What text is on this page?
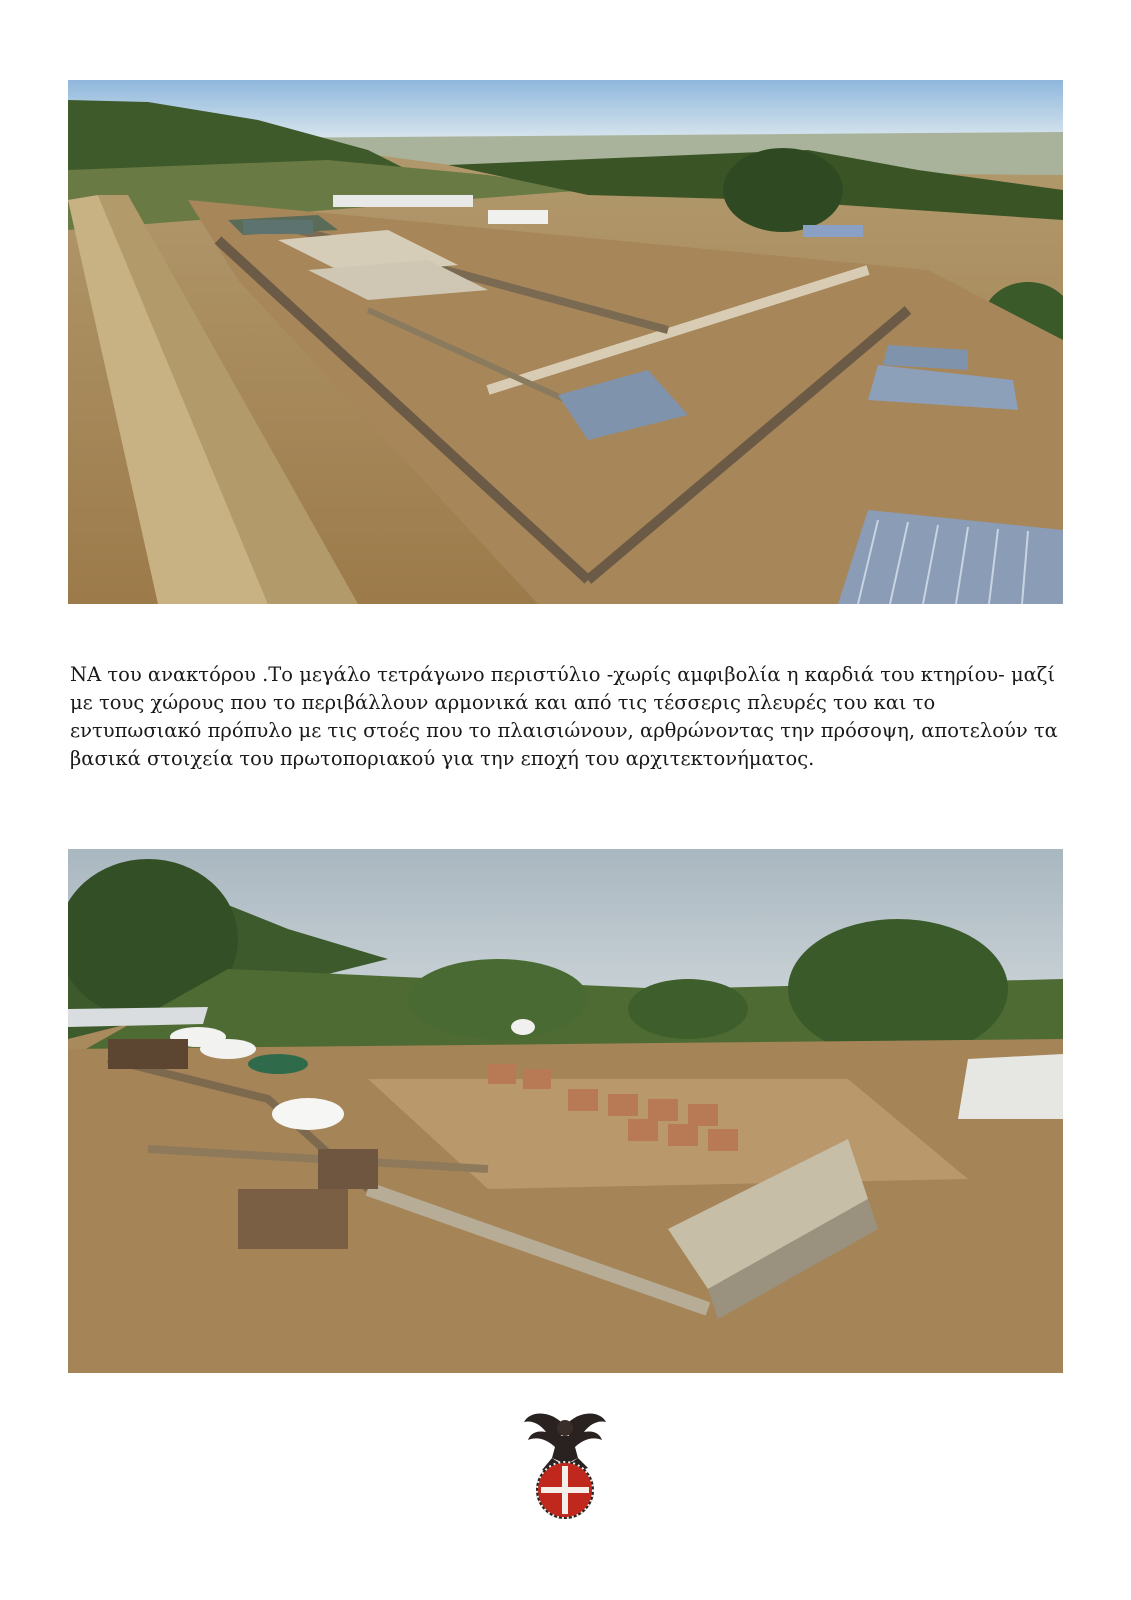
ΝΑ του ανακτόρου .Το μεγάλο τετράγωνο περιστύλιο -χωρίς αμφιβολία η καρδιά του κτηρίου- μαζί με τους χώρους που το περιβάλλουν αρμονικά και από τις τέσσερις πλευρές του και το εντυπωσιακό πρόπυλο με τις στοές που το πλαισιώνουν, αρθρώνοντας την πρόσοψη, αποτελούν τα βασικά στοιχεία του πρωτοποριακού για την εποχή του αρχιτεκτονήματος.
